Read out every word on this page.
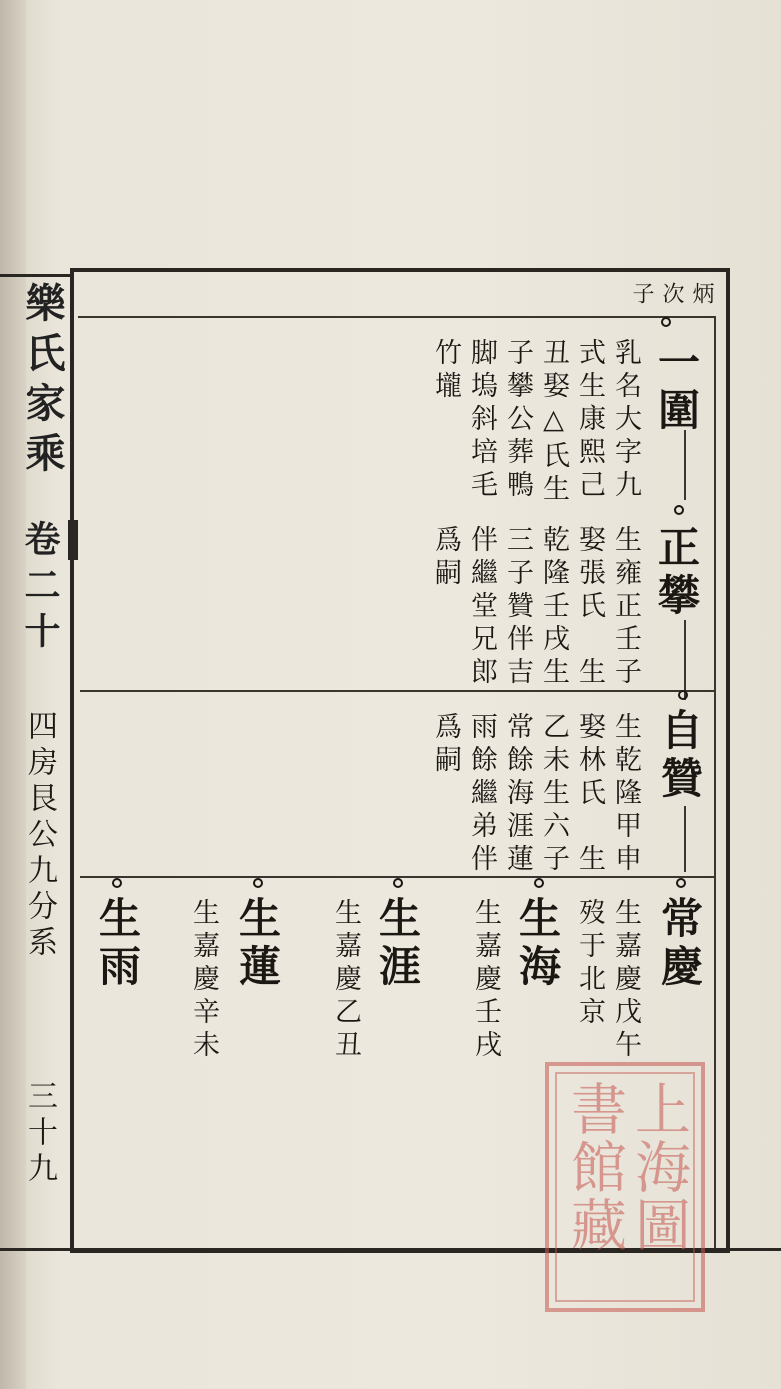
樂氏家乘
卷二十
四房艮公九分系
三十九
炳
次
子
一圍
乳名大字九
式生康熙己
丑娶△氏生
子攀公葬鴨
脚塢斜培毛
竹壠
正攀
生雍正壬子
娶張氏　生
乾隆壬戌生
三子贊伴吉
伴繼堂兄郎
爲嗣
自贊
生乾隆甲申
娶林氏　生
乙未生六子
常餘海涯蓮
雨餘繼弟伴
爲嗣
常慶
生嘉慶戊午
歿于北京
生海
生嘉慶壬戌
生涯
生嘉慶乙丑
生蓮
生嘉慶辛未
生雨
上海圖
書館藏
